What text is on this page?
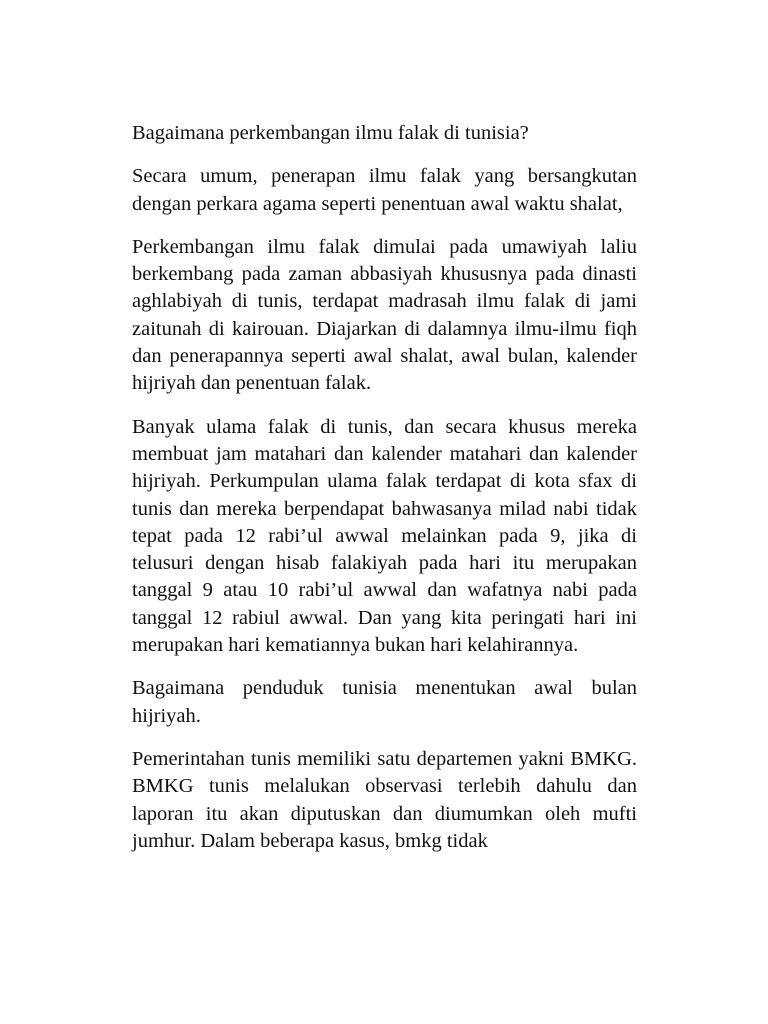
Bagaimana perkembangan ilmu falak di tunisia?

Secara umum, penerapan ilmu falak yang bersangkutan dengan perkara agama seperti penentuan awal waktu shalat,

Perkembangan ilmu falak dimulai pada umawiyah laliu berkembang pada zaman abbasiyah khususnya pada dinasti aghlabiyah di tunis, terdapat madrasah ilmu falak di jami zaitunah di kairouan. Diajarkan di dalamnya ilmu-ilmu fiqh dan penerapannya seperti awal shalat, awal bulan, kalender hijriyah dan penentuan falak.

Banyak ulama falak di tunis, dan secara khusus mereka membuat jam matahari dan kalender matahari dan kalender hijriyah. Perkumpulan ulama falak terdapat di kota sfax di tunis dan mereka berpendapat bahwasanya milad nabi tidak tepat pada 12 rabi’ul awwal melainkan pada 9, jika di telusuri dengan hisab falakiyah pada hari itu merupakan tanggal 9 atau 10 rabi’ul awwal dan wafatnya nabi pada tanggal 12 rabiul awwal. Dan yang kita peringati hari ini merupakan hari kematiannya bukan hari kelahirannya.

Bagaimana penduduk tunisia menentukan awal bulan hijriyah.

Pemerintahan tunis memiliki satu departemen yakni BMKG. BMKG tunis melalukan observasi terlebih dahulu dan laporan itu akan diputuskan dan diumumkan oleh mufti jumhur. Dalam beberapa kasus, bmkg tidak
